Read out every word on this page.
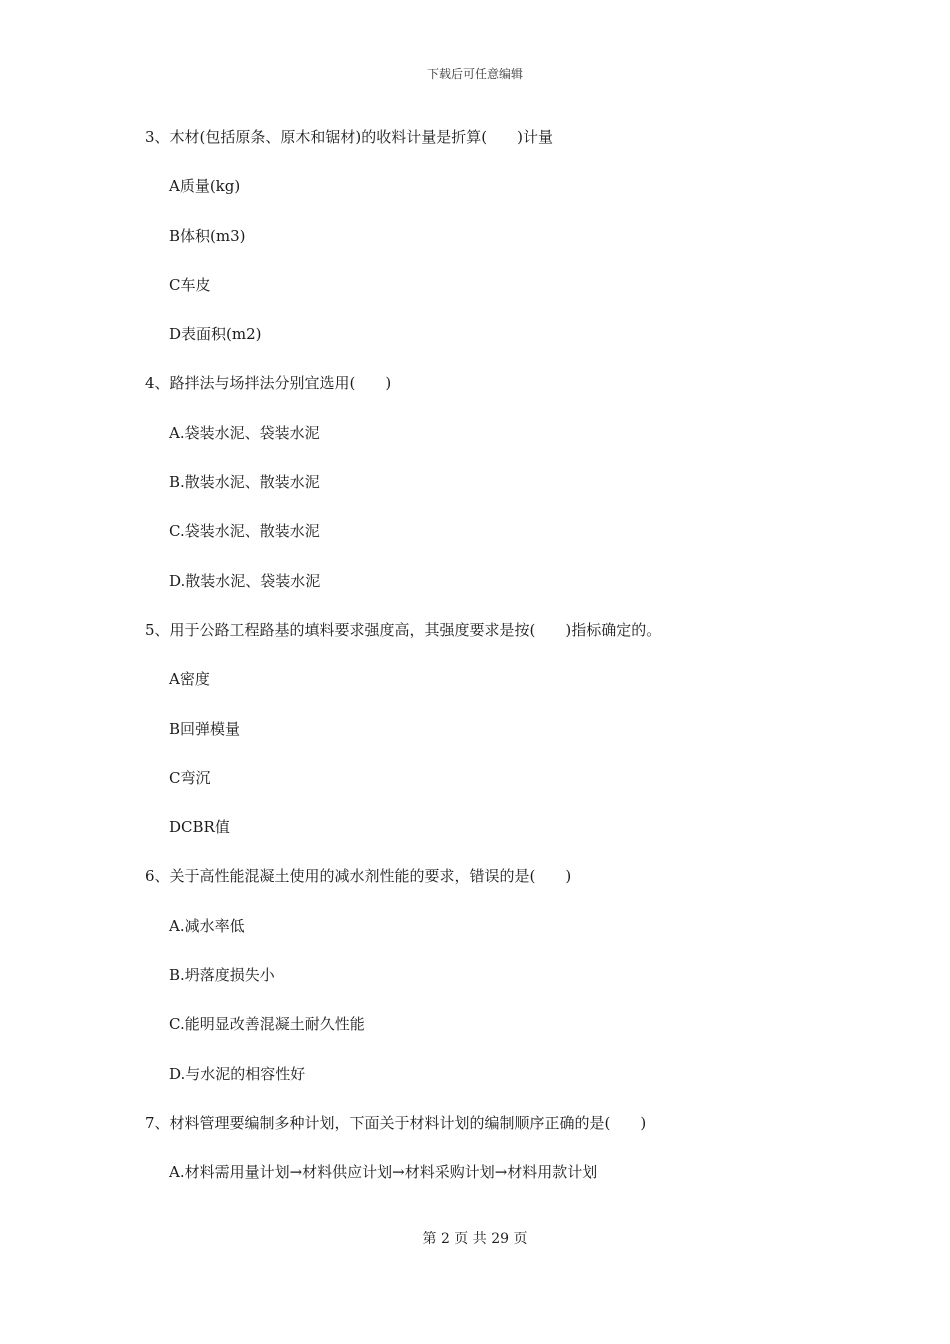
下载后可任意编辑
3、木材(包括原条、原木和锯材)的收料计量是折算(　　)计量
A质量(kg)
B体积(m3)
C车皮
D表面积(m2)
4、路拌法与场拌法分别宜选用(　　)
A.袋装水泥、袋装水泥
B.散装水泥、散装水泥
C.袋装水泥、散装水泥
D.散装水泥、袋装水泥
5、用于公路工程路基的填料要求强度高，其强度要求是按(　　)指标确定的。
A密度
B回弹模量
C弯沉
DCBR值
6、关于高性能混凝土使用的减水剂性能的要求，错误的是(　　)
A.减水率低
B.坍落度损失小
C.能明显改善混凝土耐久性能
D.与水泥的相容性好
7、材料管理要编制多种计划，下面关于材料计划的编制顺序正确的是(　　)
A.材料需用量计划→材料供应计划→材料采购计划→材料用款计划
第 2 页 共 29 页
